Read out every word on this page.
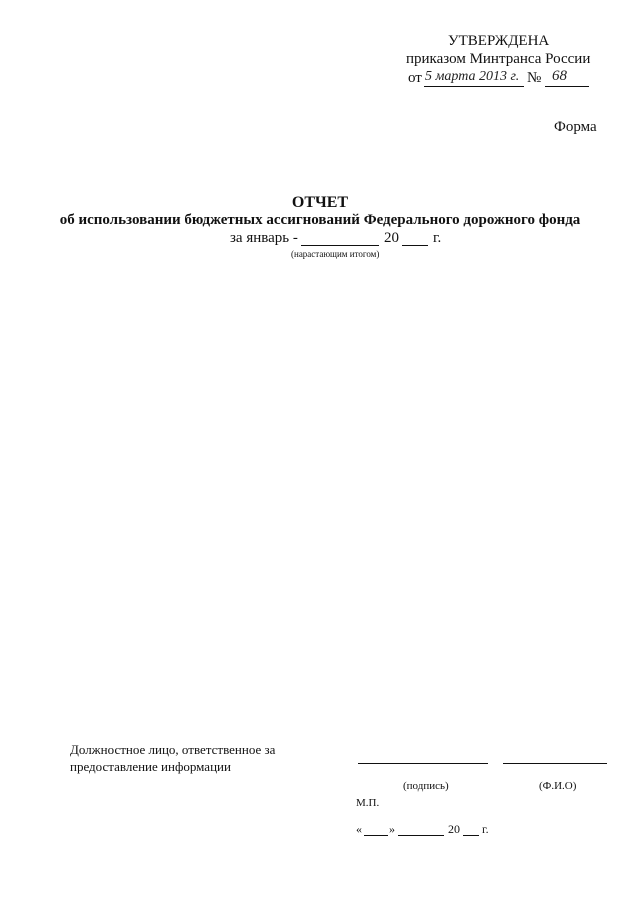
УТВЕРЖДЕНА
приказом Минтранса России
от 5 марта 2013 г. № 68
Форма
ОТЧЕТ
об использовании бюджетных ассигнований Федерального дорожного фонда
за январь -	20 г.
(нарастающим итогом)
Должностное лицо, ответственное за
предоставление информации
(подпись)	(Ф.И.О)
М.П.
« »	20 г.
